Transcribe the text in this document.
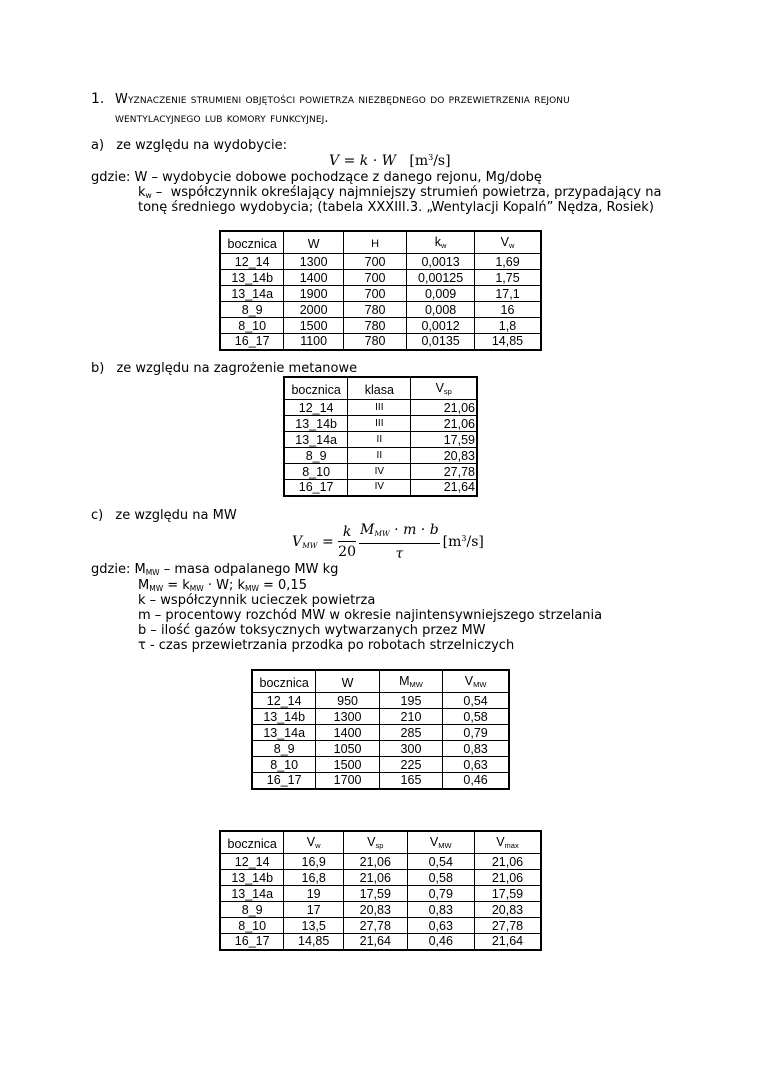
1. Wyznaczenie strumieni objętości powietrza niezbędnego do przewietrzenia rejonu
wentylacyjnego lub komory funkcyjnej.
a) ze względu na wydobycie:
V = k · W   $[m^3/s]$
gdzie: W – wydobycie dobowe pochodzące z danego rejonu, Mg/dobę
$k_w$ –  współczynnik określający najmniejszy strumień powietrza, przypadający na
tonę średniego wydobycia; (tabela XXXIII.3. „Wentylacji Kopalń” Nędza, Rosiek)
bocznica	W	H	$k_w$	$V_w$
12_14	1300	700	0,0013	1,69
13_14b	1400	700	0,00125	1,75
13_14a	1900	700	0,009	17,1
8_9	2000	780	0,008	16
8_10	1500	780	0,0012	1,8
16_17	1100	780	0,0135	14,85
b) ze względu na zagrożenie metanowe
bocznica	klasa	$V_{sp}$
12_14	III	21,06
13_14b	III	21,06
13_14a	II	17,59
8_9	II	20,83
8_10	IV	27,78
16_17	IV	21,64
c) ze względu na MW
$V_{MW} = \frac{k}{20} \frac{M_{MW} \cdot m \cdot b}{\tau} [m^3/s]$
gdzie: $M_{MW}$ – masa odpalanego MW kg
$M_{MW} = k_{MW} \cdot W$; $k_{MW} = 0,15$
k – współczynnik ucieczek powietrza
m – procentowy rozchód MW w okresie najintensywniejszego strzelania
b – ilość gazów toksycznych wytwarzanych przez MW
τ - czas przewietrzania przodka po robotach strzelniczych
bocznica	W	$M_{MW}$	$V_{MW}$
12_14	950	195	0,54
13_14b	1300	210	0,58
13_14a	1400	285	0,79
8_9	1050	300	0,83
8_10	1500	225	0,63
16_17	1700	165	0,46
bocznica	$V_w$	$V_{sp}$	$V_{MW}$	$V_{max}$
12_14	16,9	21,06	0,54	21,06
13_14b	16,8	21,06	0,58	21,06
13_14a	19	17,59	0,79	17,59
8_9	17	20,83	0,83	20,83
8_10	13,5	27,78	0,63	27,78
16_17	14,85	21,64	0,46	21,64
